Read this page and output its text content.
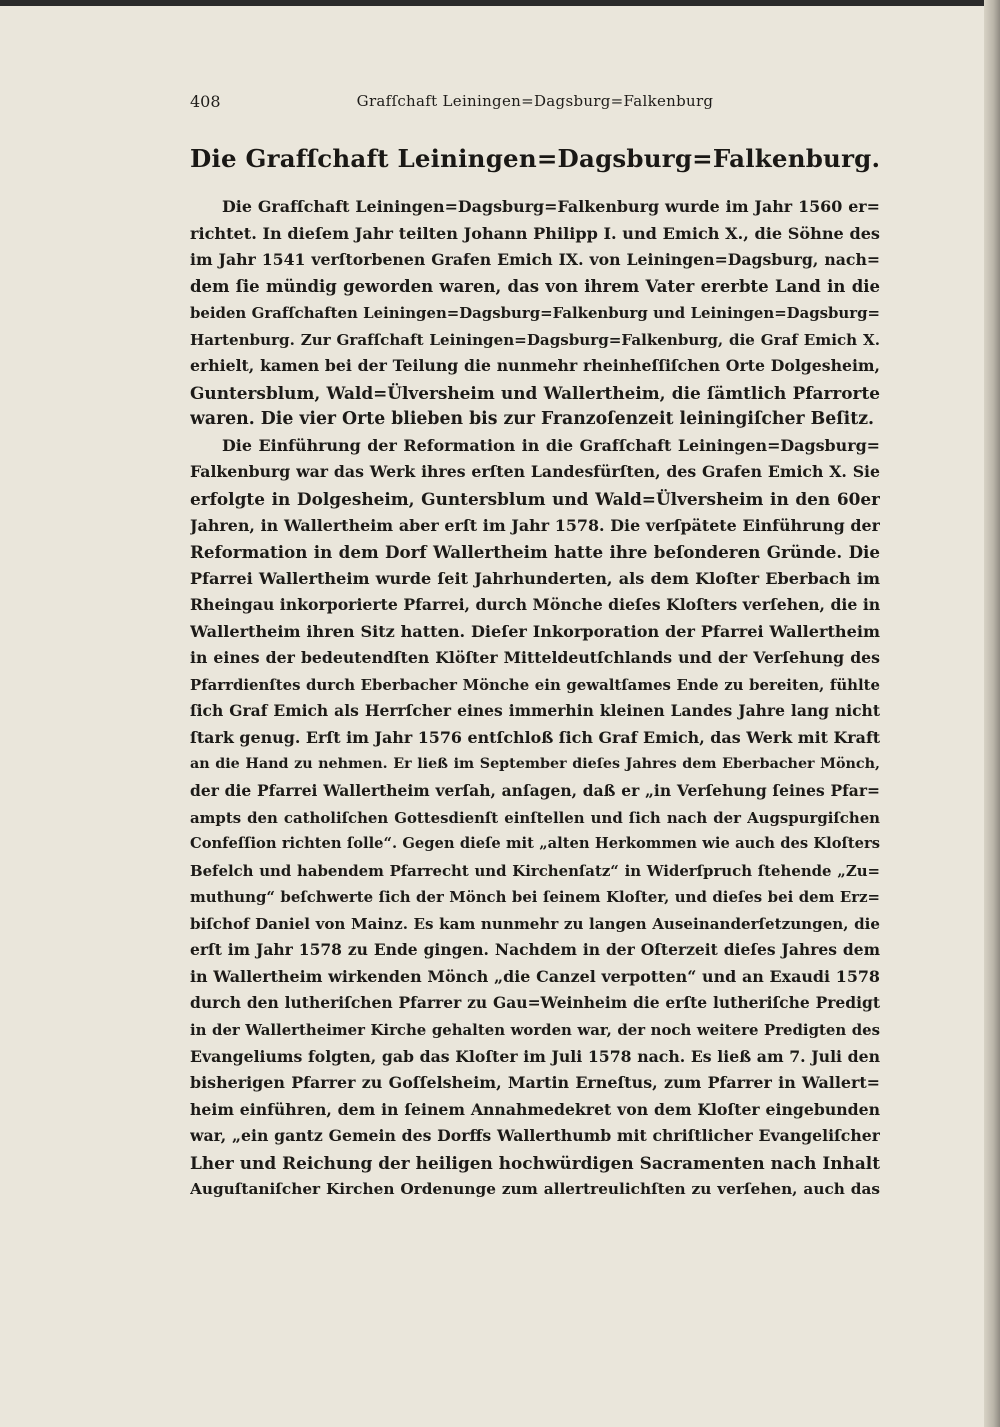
408	Grafſchaft Leiningen=Dagsburg=Falkenburg
Die Grafſchaft Leiningen=Dagsburg=Falkenburg.
Die Grafſchaft Leiningen=Dagsburg=Falkenburg wurde im Jahr 1560 er=
richtet. In dieſem Jahr teilten Johann Philipp I. und Emich X., die Söhne des
im Jahr 1541 verſtorbenen Grafen Emich IX. von Leiningen=Dagsburg, nach=
dem ſie mündig geworden waren, das von ihrem Vater ererbte Land in die
beiden Grafſchaften Leiningen=Dagsburg=Falkenburg und Leiningen=Dagsburg=
Hartenburg. Zur Grafſchaft Leiningen=Dagsburg=Falkenburg, die Graf Emich X.
erhielt, kamen bei der Teilung die nunmehr rheinheſſiſchen Orte Dolgesheim,
Guntersblum, Wald=Ülversheim und Wallertheim, die ſämtlich Pfarrorte
waren. Die vier Orte blieben bis zur Franzoſenzeit leiningiſcher Beſitz.
Die Einführung der Reformation in die Grafſchaft Leiningen=Dagsburg=
Falkenburg war das Werk ihres erſten Landesfürſten, des Grafen Emich X. Sie
erfolgte in Dolgesheim, Guntersblum und Wald=Ülversheim in den 60er
Jahren, in Wallertheim aber erſt im Jahr 1578. Die verſpätete Einführung der
Reformation in dem Dorf Wallertheim hatte ihre beſonderen Gründe. Die
Pfarrei Wallertheim wurde ſeit Jahrhunderten, als dem Kloſter Eberbach im
Rheingau inkorporierte Pfarrei, durch Mönche dieſes Kloſters verſehen, die in
Wallertheim ihren Sitz hatten. Dieſer Inkorporation der Pfarrei Wallertheim
in eines der bedeutendſten Klöſter Mitteldeutſchlands und der Verſehung des
Pfarrdienſtes durch Eberbacher Mönche ein gewaltſames Ende zu bereiten, fühlte
ſich Graf Emich als Herrſcher eines immerhin kleinen Landes Jahre lang nicht
ſtark genug. Erſt im Jahr 1576 entſchloß ſich Graf Emich, das Werk mit Kraft
an die Hand zu nehmen. Er ließ im September dieſes Jahres dem Eberbacher Mönch,
der die Pfarrei Wallertheim verſah, anſagen, daß er „in Verſehung ſeines Pfar=
ampts den catholiſchen Gottesdienſt einſtellen und ſich nach der Augspurgiſchen
Confeſſion richten ſolle“. Gegen dieſe mit „alten Herkommen wie auch des Kloſters
Befelch und habendem Pfarrecht und Kirchenſatz“ in Widerſpruch ſtehende „Zu=
muthung“ beſchwerte ſich der Mönch bei ſeinem Kloſter, und dieſes bei dem Erz=
biſchof Daniel von Mainz. Es kam nunmehr zu langen Auseinanderſetzungen, die
erſt im Jahr 1578 zu Ende gingen. Nachdem in der Oſterzeit dieſes Jahres dem
in Wallertheim wirkenden Mönch „die Canzel verpotten“ und an Exaudi 1578
durch den lutheriſchen Pfarrer zu Gau=Weinheim die erſte lutheriſche Predigt
in der Wallertheimer Kirche gehalten worden war, der noch weitere Predigten des
Evangeliums folgten, gab das Kloſter im Juli 1578 nach. Es ließ am 7. Juli den
bisherigen Pfarrer zu Goſſelsheim, Martin Erneſtus, zum Pfarrer in Wallert=
heim einführen, dem in ſeinem Annahmedekret von dem Kloſter eingebunden
war, „ein gantz Gemein des Dorffs Wallerthumb mit chriſtlicher Evangeliſcher
Lher und Reichung der heiligen hochwürdigen Sacramenten nach Inhalt
Auguſtaniſcher Kirchen Ordenunge zum allertreulichſten zu verſehen, auch das
